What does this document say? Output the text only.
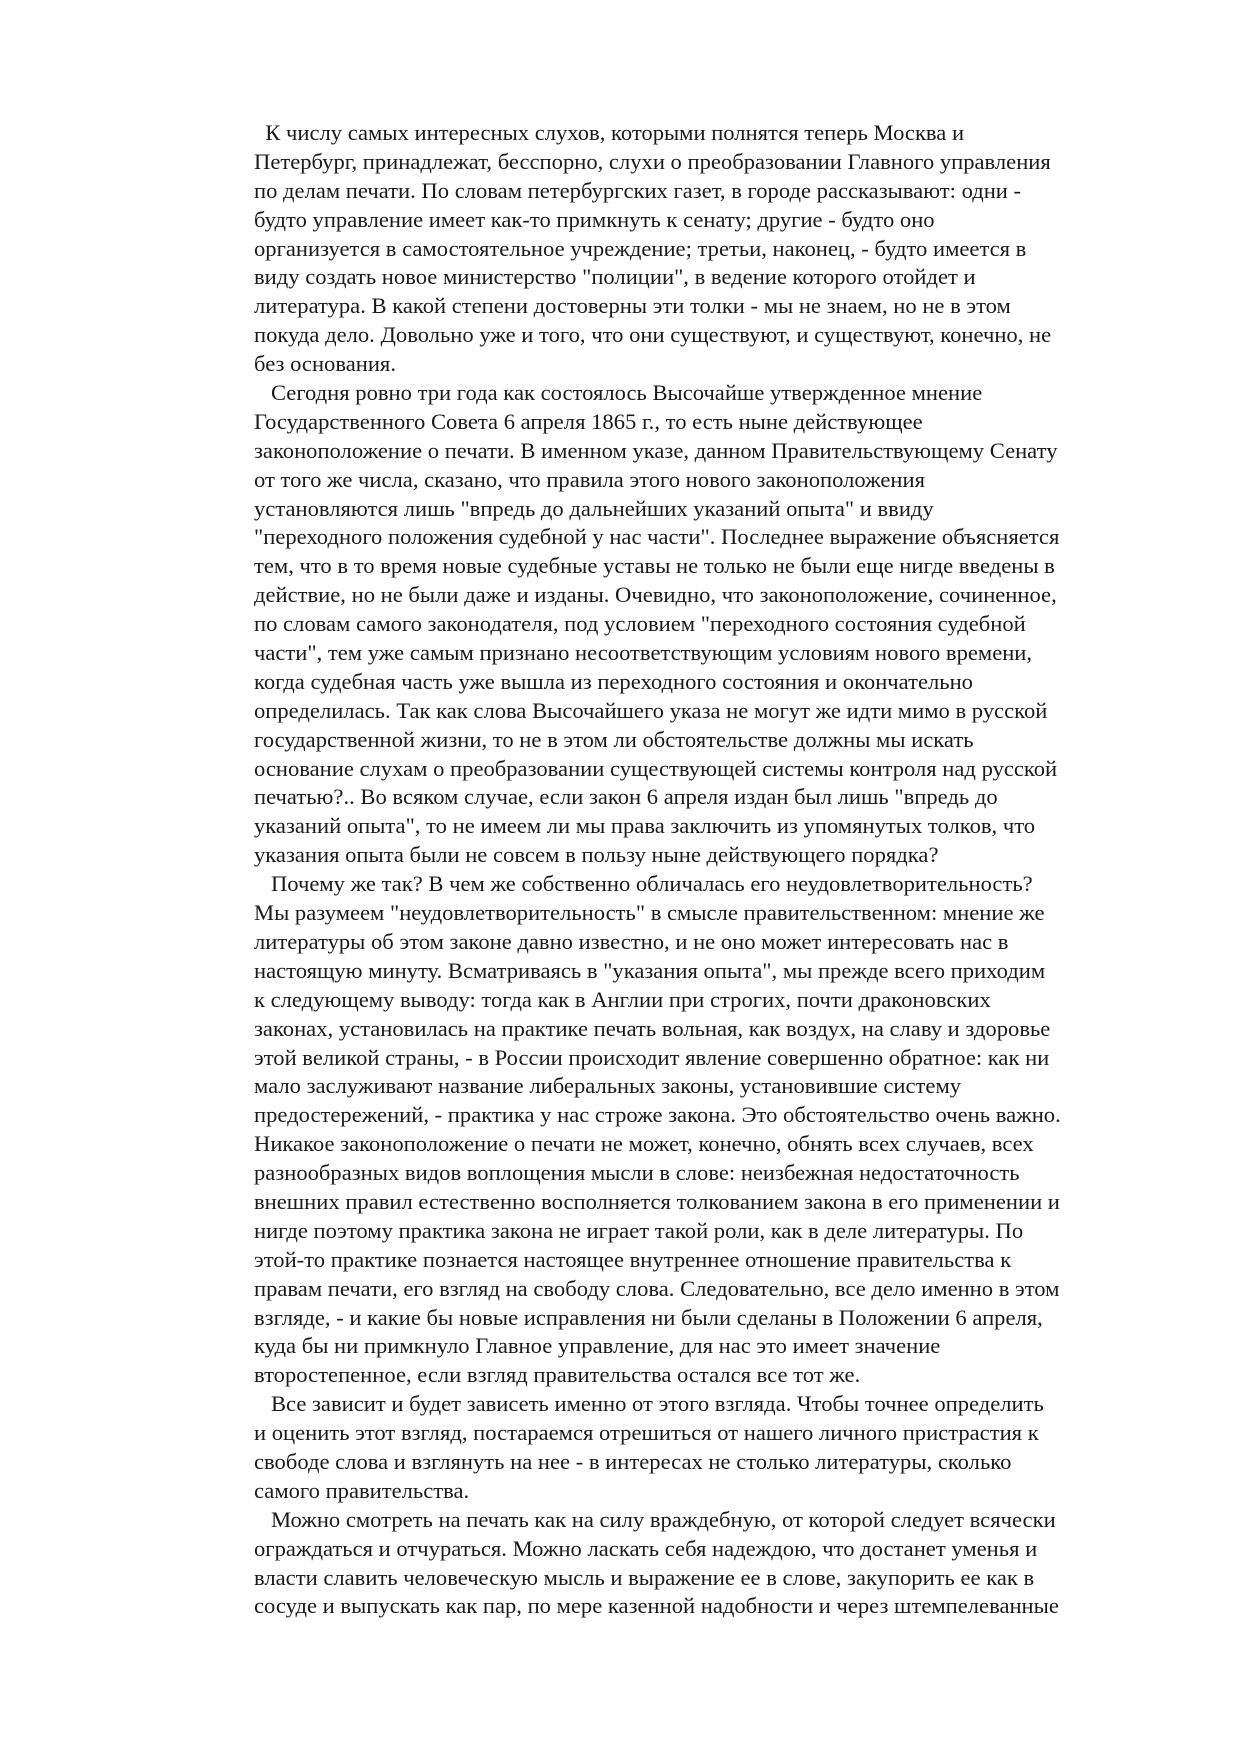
К числу самых интересных слухов, которыми полнятся теперь Москва и
Петербург, принадлежат, бесспорно, слухи о преобразовании Главного управления
по делам печати. По словам петербургских газет, в городе рассказывают: одни -
будто управление имеет как-то примкнуть к сенату; другие - будто оно
организуется в самостоятельное учреждение; третьи, наконец, - будто имеется в
виду создать новое министерство "полиции", в ведение которого отойдет и
литература. В какой степени достоверны эти толки - мы не знаем, но не в этом
покуда дело. Довольно уже и того, что они существуют, и существуют, конечно, не
без основания.
Сегодня ровно три года как состоялось Высочайше утвержденное мнение
Государственного Совета 6 апреля 1865 г., то есть ныне действующее
законоположение о печати. В именном указе, данном Правительствующему Сенату
от того же числа, сказано, что правила этого нового законоположения
установляются лишь "впредь до дальнейших указаний опыта" и ввиду
"переходного положения судебной у нас части". Последнее выражение объясняется
тем, что в то время новые судебные уставы не только не были еще нигде введены в
действие, но не были даже и изданы. Очевидно, что законоположение, сочиненное,
по словам самого законодателя, под условием "переходного состояния судебной
части", тем уже самым признано несоответствующим условиям нового времени,
когда судебная часть уже вышла из переходного состояния и окончательно
определилась. Так как слова Высочайшего указа не могут же идти мимо в русской
государственной жизни, то не в этом ли обстоятельстве должны мы искать
основание слухам о преобразовании существующей системы контроля над русской
печатью?.. Во всяком случае, если закон 6 апреля издан был лишь "впредь до
указаний опыта", то не имеем ли мы права заключить из упомянутых толков, что
указания опыта были не совсем в пользу ныне действующего порядка?
Почему же так? В чем же собственно обличалась его неудовлетворительность?
Мы разумеем "неудовлетворительность" в смысле правительственном: мнение же
литературы об этом законе давно известно, и не оно может интересовать нас в
настоящую минуту. Всматриваясь в "указания опыта", мы прежде всего приходим
к следующему выводу: тогда как в Англии при строгих, почти драконовских
законах, установилась на практике печать вольная, как воздух, на славу и здоровье
этой великой страны, - в России происходит явление совершенно обратное: как ни
мало заслуживают название либеральных законы, установившие систему
предостережений, - практика у нас строже закона. Это обстоятельство очень важно.
Никакое законоположение о печати не может, конечно, обнять всех случаев, всех
разнообразных видов воплощения мысли в слове: неизбежная недостаточность
внешних правил естественно восполняется толкованием закона в его применении и
нигде поэтому практика закона не играет такой роли, как в деле литературы. По
этой-то практике познается настоящее внутреннее отношение правительства к
правам печати, его взгляд на свободу слова. Следовательно, все дело именно в этом
взгляде, - и какие бы новые исправления ни были сделаны в Положении 6 апреля,
куда бы ни примкнуло Главное управление, для нас это имеет значение
второстепенное, если взгляд правительства остался все тот же.
Все зависит и будет зависеть именно от этого взгляда. Чтобы точнее определить
и оценить этот взгляд, постараемся отрешиться от нашего личного пристрастия к
свободе слова и взглянуть на нее - в интересах не столько литературы, сколько
самого правительства.
Можно смотреть на печать как на силу враждебную, от которой следует всячески
ограждаться и отчураться. Можно ласкать себя надеждою, что достанет уменья и
власти славить человеческую мысль и выражение ее в слове, закупорить ее как в
сосуде и выпускать как пар, по мере казенной надобности и через штемпелеванные
